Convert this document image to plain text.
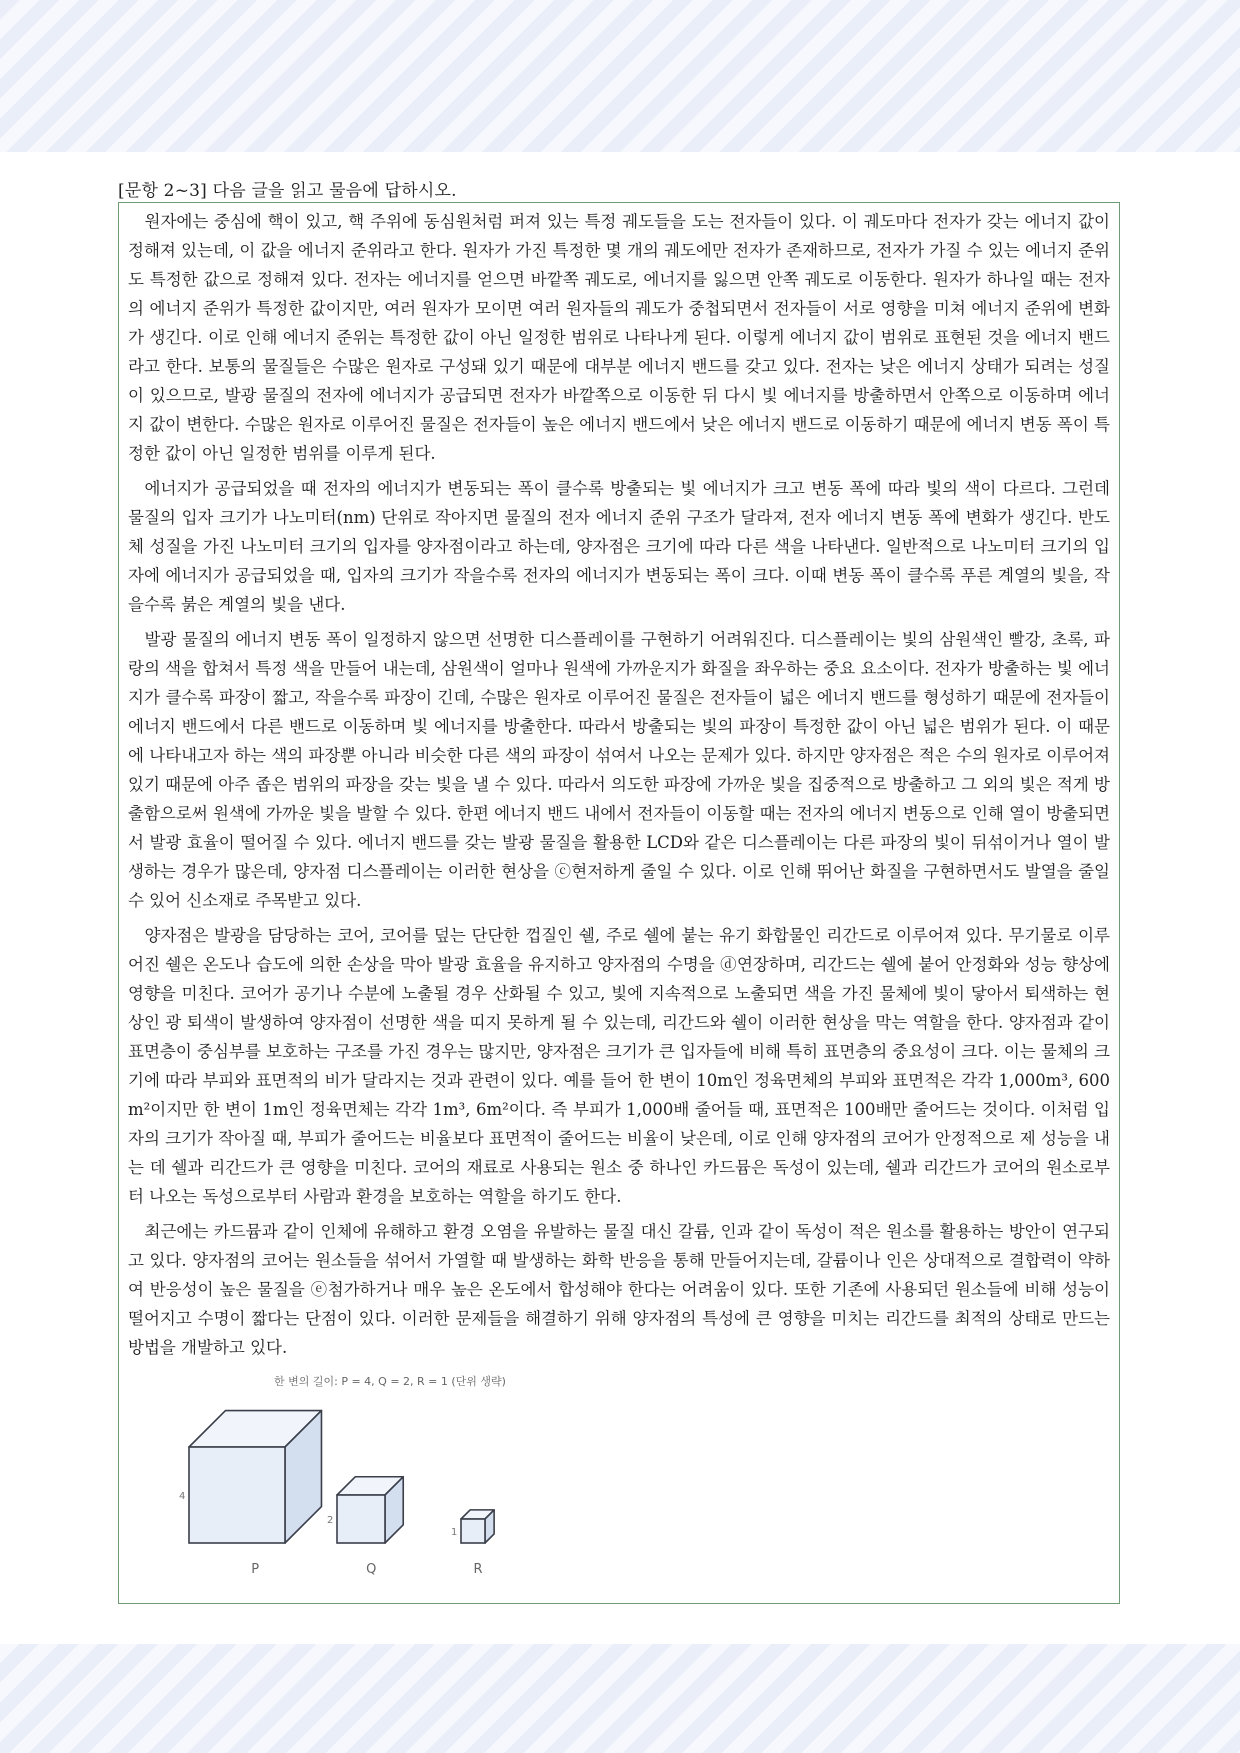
[문항 2~3] 다음 글을 읽고 물음에 답하시오.

원자에는 중심에 핵이 있고, 핵 주위에 동심원처럼 퍼져 있는 특정 궤도들을 도는 전자들이 있다. 이 궤도마다 전자가 갖는 에너지 값이 정해져 있는데, 이 값을 에너지 준위라고 한다. 원자가 가진 특정한 몇 개의 궤도에만 전자가 존재하므로, 전자가 가질 수 있는 에너지 준위도 특정한 값으로 정해져 있다. 전자는 에너지를 얻으면 바깥쪽 궤도로, 에너지를 잃으면 안쪽 궤도로 이동한다. 원자가 하나일 때는 전자의 에너지 준위가 특정한 값이지만, 여러 원자가 모이면 여러 원자들의 궤도가 중첩되면서 전자들이 서로 영향을 미쳐 에너지 준위에 변화가 생긴다. 이로 인해 에너지 준위는 특정한 값이 아닌 일정한 범위로 나타나게 된다. 이렇게 에너지 값이 범위로 표현된 것을 에너지 밴드라고 한다. 보통의 물질들은 수많은 원자로 구성돼 있기 때문에 대부분 에너지 밴드를 갖고 있다. 전자는 낮은 에너지 상태가 되려는 성질이 있으므로, 발광 물질의 전자에 에너지가 공급되면 전자가 바깥쪽으로 이동한 뒤 다시 빛 에너지를 방출하면서 안쪽으로 이동하며 에너지 값이 변한다. 수많은 원자로 이루어진 물질은 전자들이 높은 에너지 밴드에서 낮은 에너지 밴드로 이동하기 때문에 에너지 변동 폭이 특정한 값이 아닌 일정한 범위를 이루게 된다.

에너지가 공급되었을 때 전자의 에너지가 변동되는 폭이 클수록 방출되는 빛 에너지가 크고 변동 폭에 따라 빛의 색이 다르다. 그런데 물질의 입자 크기가 나노미터(nm) 단위로 작아지면 물질의 전자 에너지 준위 구조가 달라져, 전자 에너지 변동 폭에 변화가 생긴다. 반도체 성질을 가진 나노미터 크기의 입자를 양자점이라고 하는데, 양자점은 크기에 따라 다른 색을 나타낸다. 일반적으로 나노미터 크기의 입자에 에너지가 공급되었을 때, 입자의 크기가 작을수록 전자의 에너지가 변동되는 폭이 크다. 이때 변동 폭이 클수록 푸른 계열의 빛을, 작을수록 붉은 계열의 빛을 낸다.

발광 물질의 에너지 변동 폭이 일정하지 않으면 선명한 디스플레이를 구현하기 어려워진다. 디스플레이는 빛의 삼원색인 빨강, 초록, 파랑의 색을 합쳐서 특정 색을 만들어 내는데, 삼원색이 얼마나 원색에 가까운지가 화질을 좌우하는 중요 요소이다. 전자가 방출하는 빛 에너지가 클수록 파장이 짧고, 작을수록 파장이 긴데, 수많은 원자로 이루어진 물질은 전자들이 넓은 에너지 밴드를 형성하기 때문에 전자들이 에너지 밴드에서 다른 밴드로 이동하며 빛 에너지를 방출한다. 따라서 방출되는 빛의 파장이 특정한 값이 아닌 넓은 범위가 된다. 이 때문에 나타내고자 하는 색의 파장뿐 아니라 비슷한 다른 색의 파장이 섞여서 나오는 문제가 있다. 하지만 양자점은 적은 수의 원자로 이루어져 있기 때문에 아주 좁은 범위의 파장을 갖는 빛을 낼 수 있다. 따라서 의도한 파장에 가까운 빛을 집중적으로 방출하고 그 외의 빛은 적게 방출함으로써 원색에 가까운 빛을 발할 수 있다. 한편 에너지 밴드 내에서 전자들이 이동할 때는 전자의 에너지 변동으로 인해 열이 방출되면서 발광 효율이 떨어질 수 있다. 에너지 밴드를 갖는 발광 물질을 활용한 LCD와 같은 디스플레이는 다른 파장의 빛이 뒤섞이거나 열이 발생하는 경우가 많은데, 양자점 디스플레이는 이러한 현상을 ⓒ현저하게 줄일 수 있다. 이로 인해 뛰어난 화질을 구현하면서도 발열을 줄일 수 있어 신소재로 주목받고 있다.

양자점은 발광을 담당하는 코어, 코어를 덮는 단단한 껍질인 쉘, 주로 쉘에 붙는 유기 화합물인 리간드로 이루어져 있다. 무기물로 이루어진 쉘은 온도나 습도에 의한 손상을 막아 발광 효율을 유지하고 양자점의 수명을 ⓓ연장하며, 리간드는 쉘에 붙어 안정화와 성능 향상에 영향을 미친다. 코어가 공기나 수분에 노출될 경우 산화될 수 있고, 빛에 지속적으로 노출되면 색을 가진 물체에 빛이 닿아서 퇴색하는 현상인 광 퇴색이 발생하여 양자점이 선명한 색을 띠지 못하게 될 수 있는데, 리간드와 쉘이 이러한 현상을 막는 역할을 한다. 양자점과 같이 표면층이 중심부를 보호하는 구조를 가진 경우는 많지만, 양자점은 크기가 큰 입자들에 비해 특히 표면층의 중요성이 크다. 이는 물체의 크기에 따라 부피와 표면적의 비가 달라지는 것과 관련이 있다. 예를 들어 한 변이 10m인 정육면체의 부피와 표면적은 각각 1,000m³, 600m²이지만 한 변이 1m인 정육면체는 각각 1m³, 6m²이다. 즉 부피가 1,000배 줄어들 때, 표면적은 100배만 줄어드는 것이다. 이처럼 입자의 크기가 작아질 때, 부피가 줄어드는 비율보다 표면적이 줄어드는 비율이 낮은데, 이로 인해 양자점의 코어가 안정적으로 제 성능을 내는 데 쉘과 리간드가 큰 영향을 미친다. 코어의 재료로 사용되는 원소 중 하나인 카드뮴은 독성이 있는데, 쉘과 리간드가 코어의 원소로부터 나오는 독성으로부터 사람과 환경을 보호하는 역할을 하기도 한다.

최근에는 카드뮴과 같이 인체에 유해하고 환경 오염을 유발하는 물질 대신 갈륨, 인과 같이 독성이 적은 원소를 활용하는 방안이 연구되고 있다. 양자점의 코어는 원소들을 섞어서 가열할 때 발생하는 화학 반응을 통해 만들어지는데, 갈륨이나 인은 상대적으로 결합력이 약하여 반응성이 높은 물질을 ⓔ첨가하거나 매우 높은 온도에서 합성해야 한다는 어려움이 있다. 또한 기존에 사용되던 원소들에 비해 성능이 떨어지고 수명이 짧다는 단점이 있다. 이러한 문제들을 해결하기 위해 양자점의 특성에 큰 영향을 미치는 리간드를 최적의 상태로 만드는 방법을 개발하고 있다.

한 변의 길이: P = 4, Q = 2, R = 1 (단위 생략)
4
P
2
Q
1
R
